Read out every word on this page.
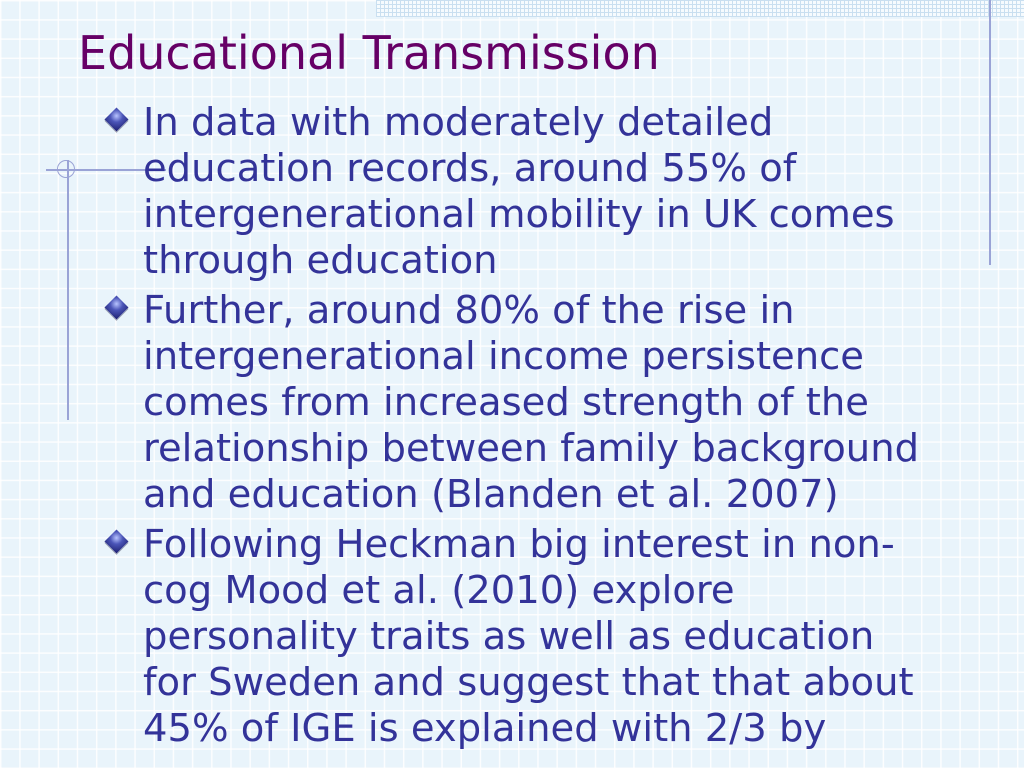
Educational Transmission
In data with moderately detailed
education records, around 55% of
intergenerational mobility in UK comes
through education
Further, around 80% of the rise in
intergenerational income persistence
comes from increased strength of the
relationship between family background
and education (Blanden et al. 2007)
Following Heckman big interest in non-
cog Mood et al. (2010) explore
personality traits as well as education
for Sweden and suggest that that about
45% of IGE is explained with 2/3 by
